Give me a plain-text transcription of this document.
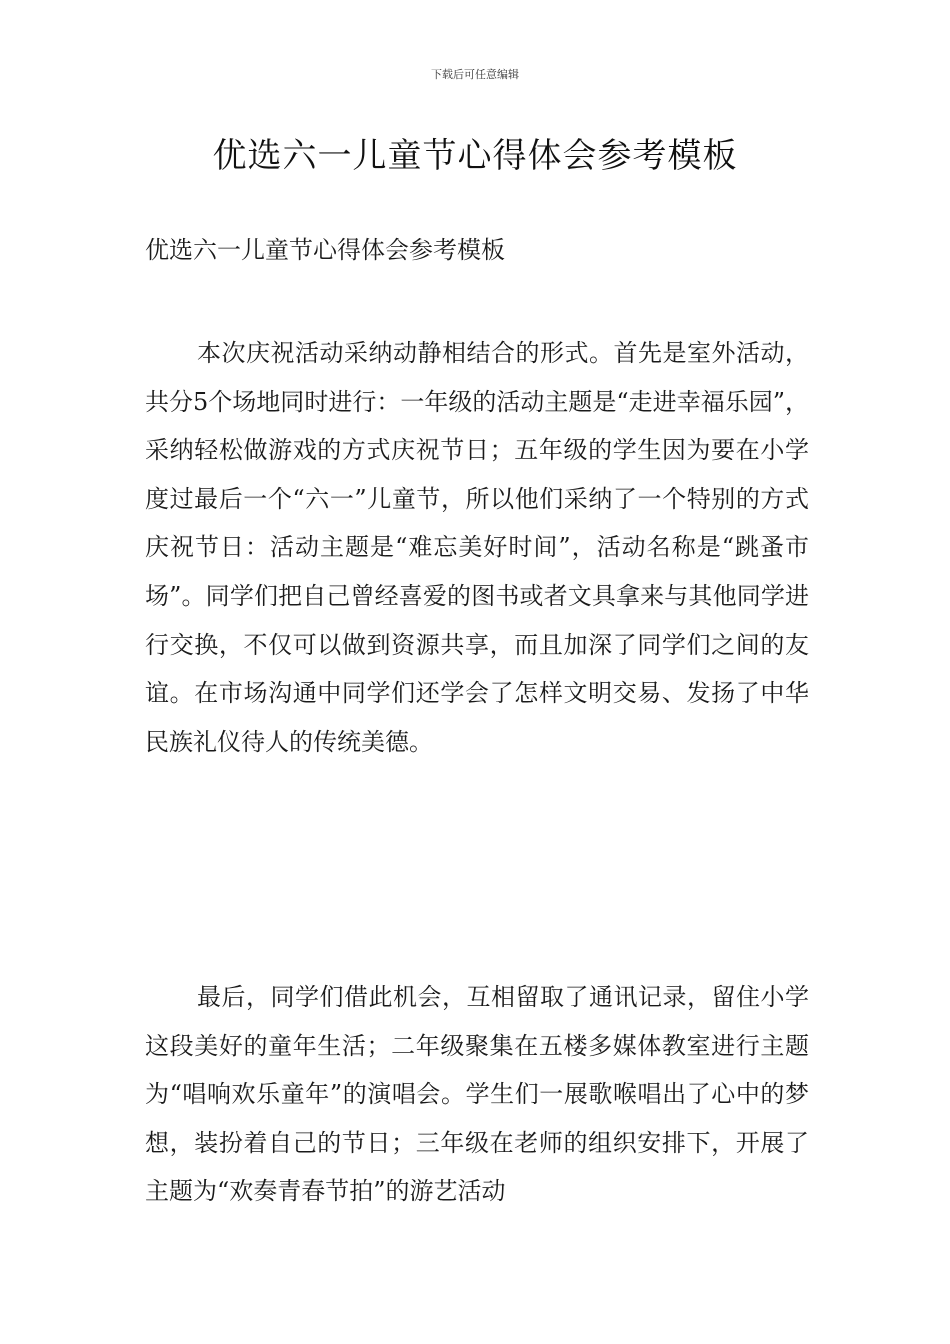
下载后可任意编辑
优选六一儿童节心得体会参考模板

优选六一儿童节心得体会参考模板

本次庆祝活动采纳动静相结合的形式。首先是室外活动，共分5个场地同时进行：一年级的活动主题是“走进幸福乐园”，采纳轻松做游戏的方式庆祝节日；五年级的学生因为要在小学度过最后一个“六一”儿童节，所以他们采纳了一个特别的方式庆祝节日：活动主题是“难忘美好时间”，活动名称是“跳蚤市场”。同学们把自己曾经喜爱的图书或者文具拿来与其他同学进行交换，不仅可以做到资源共享，而且加深了同学们之间的友谊。在市场沟通中同学们还学会了怎样文明交易、发扬了中华民族礼仪待人的传统美德。

最后，同学们借此机会，互相留取了通讯记录，留住小学这段美好的童年生活；二年级聚集在五楼多媒体教室进行主题为“唱响欢乐童年”的演唱会。学生们一展歌喉唱出了心中的梦想，装扮着自己的节日；三年级在老师的组织安排下，开展了主题为“欢奏青春节拍”的游艺活动
